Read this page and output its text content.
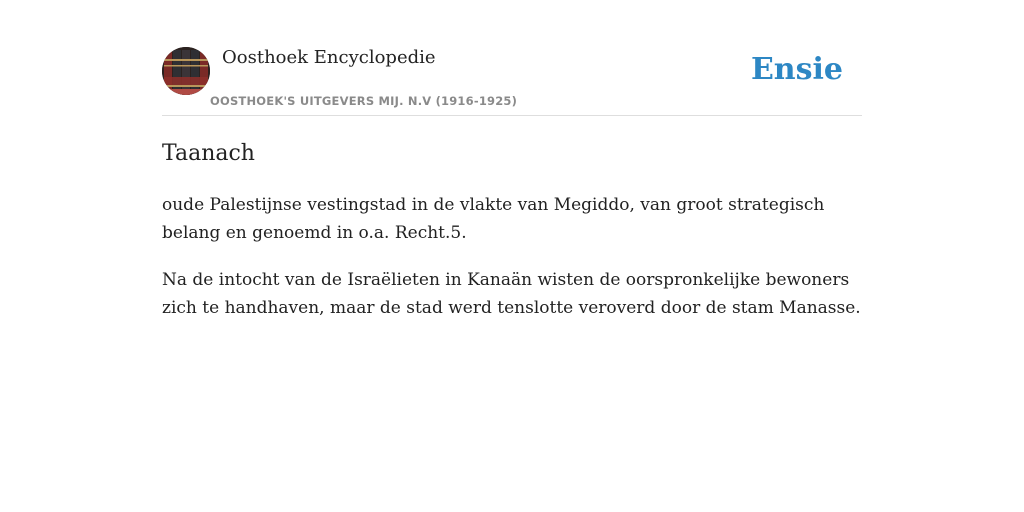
Oosthoek Encyclopedie
OOSTHOEK'S UITGEVERS MIJ. N.V (1916-1925)
Ensie
Taanach

oude Palestijnse vestingstad in de vlakte van Megiddo, van groot strategisch belang en genoemd in o.a. Recht.5.

Na de intocht van de Israëlieten in Kanaän wisten de oorspronkelijke bewoners zich te handhaven, maar de stad werd tenslotte veroverd door de stam Manasse.
